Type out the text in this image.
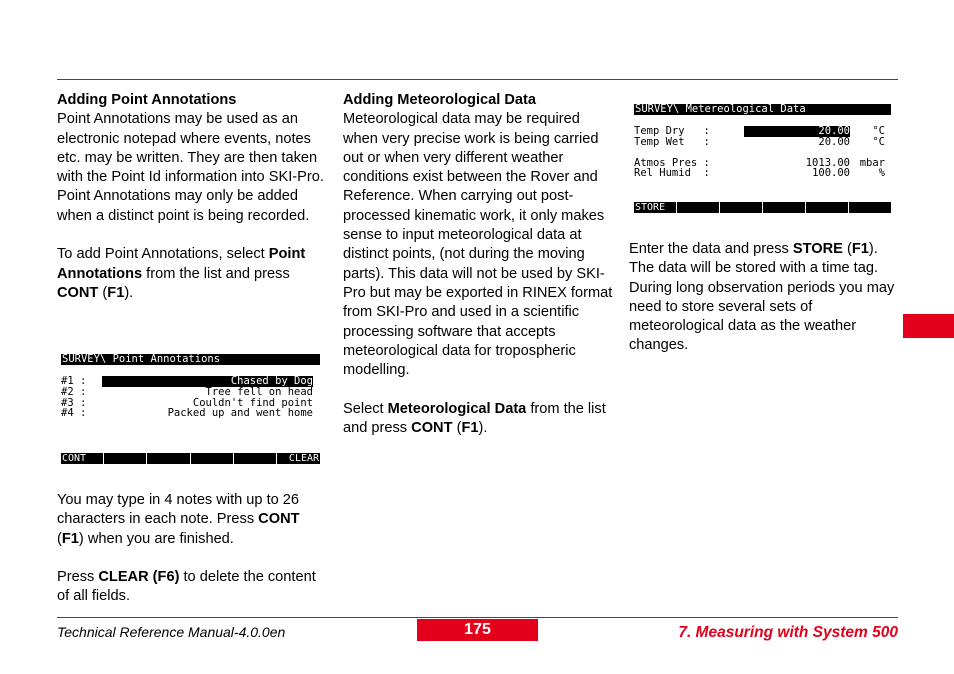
Adding Point Annotations

Point Annotations may be used as an electronic notepad where events, notes etc. may be written. They are then taken with the Point Id information into SKI-Pro. Point Annotations may only be added when a distinct point is being recorded.

To add Point Annotations, select Point Annotations from the list and press CONT (F1).

You may type in 4 notes with up to 26 characters in each note. Press CONT (F1) when you are finished.

Press CLEAR (F6) to delete the content of all fields.

SURVEY\ Point Annotations

#1 :

	Chased by Dog

#2 :

	Tree fell on head

#3 :

	Couldn't find point

#4 :

	Packed up and went home

CONT	CLEAR

Adding Meteorological Data

Meteorological data may be required when very precise work is being carried out or when very different weather conditions exist between the Rover and Reference. When carrying out post-processed kinematic work, it only makes sense to input meteorological data at distinct points, (not during the moving parts). This data will not be used by SKI-Pro but may be exported in RINEX format from SKI-Pro and used in a scientific processing software that accepts meteorological data for tropospheric modelling.

Select Meteorological Data from the list and press CONT (F1).

SURVEY\ Metereological Data

Temp Dry   :

	20.00

°C

Temp Wet   :

	20.00

°C

Atmos Pres :

	1013.00

mbar

Rel Humid  :

	100.00

	%

STORE

Enter the data and press STORE (F1). The data will be stored with a time tag. During long observation periods you may need to store several sets of meteorological data as the weather changes.

Technical Reference Manual-4.0.0en	175	7. Measuring with System 500
